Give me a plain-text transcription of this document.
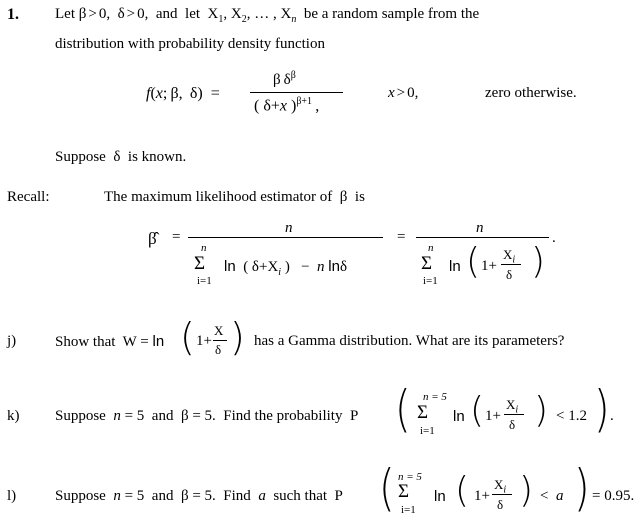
1. Let β > 0,  δ > 0,  and  let  $X_1$, $X_2$, … , $X_n$  be a random sample from the
distribution with probability density function
f(x; β,  δ)  =
β $\delta^\beta$
( δ+x )$^{\beta+1}$ ,
x > 0,	zero otherwise.
Suppose  δ  is known.
Recall:	The maximum likelihood estimator of  β  is
β̂ =
n
n
Σ
i=1
ln  ( $\delta+X_i$ )   −  n lnδ
=
n
.
n
Σ
i=1
ln ( 1+
$X_i$
δ )
j)	Show that  W = ln ( 1+
X
δ ) has a Gamma distribution. What are its parameters?
k) Suppose  n = 5  and  β = 5.  Find the probability  P ( n = 5
Σ
i=1
ln ( 1+
$X_i$
δ ) < 1.2 ) .
l)	Suppose  n = 5  and  β = 5.  Find  a  such that  P ( n = 5
Σ
i=1
ln ( 1+
$X_i$
δ ) <  a ) = 0.95.
